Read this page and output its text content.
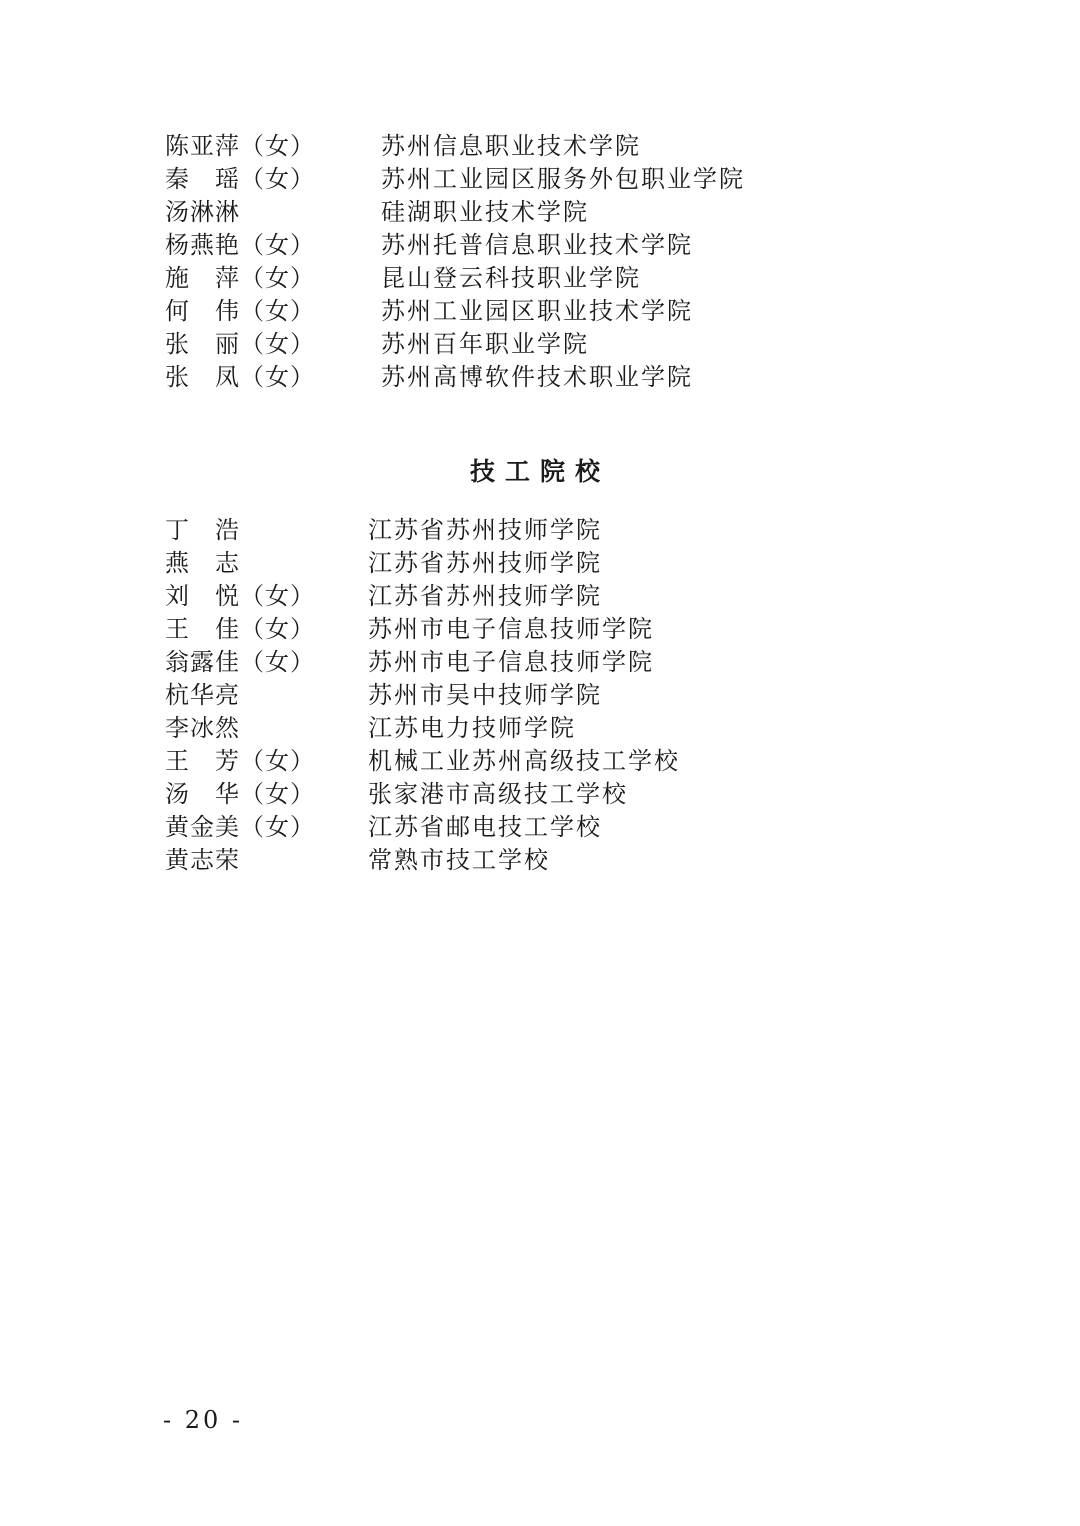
陈亚萍（女）	苏州信息职业技术学院
秦　瑶（女）	苏州工业园区服务外包职业学院
汤淋淋	硅湖职业技术学院
杨燕艳（女）	苏州托普信息职业技术学院
施　萍（女）	昆山登云科技职业学院
何　伟（女）	苏州工业园区职业技术学院
张　丽（女）	苏州百年职业学院
张　凤（女）	苏州高博软件技术职业学院
技工院校
丁　浩	江苏省苏州技师学院
燕　志	江苏省苏州技师学院
刘　悦（女） 江苏省苏州技师学院
王　佳（女） 苏州市电子信息技师学院
翁露佳（女） 苏州市电子信息技师学院
杭华亮	苏州市吴中技师学院
李冰然	江苏电力技师学院
王　芳（女） 机械工业苏州高级技工学校
汤　华（女） 张家港市高级技工学校
黄金美（女） 江苏省邮电技工学校
黄志荣	常熟市技工学校
- 20 -
